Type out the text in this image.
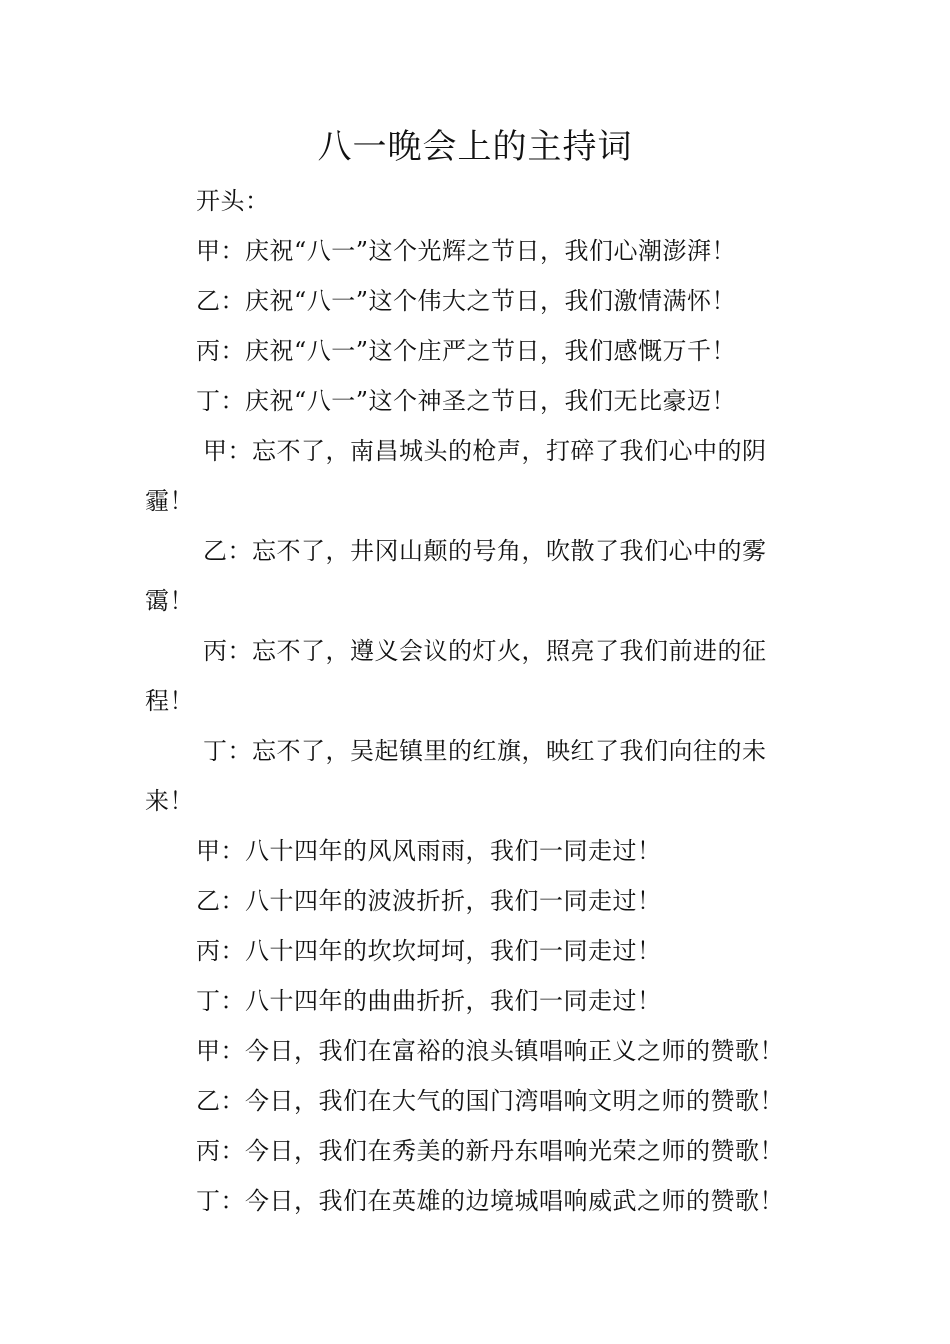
八一晚会上的主持词
开头：
甲：庆祝“八一”这个光辉之节日，我们心潮澎湃！
乙：庆祝“八一”这个伟大之节日，我们激情满怀！
丙：庆祝“八一”这个庄严之节日，我们感慨万千！
丁：庆祝“八一”这个神圣之节日，我们无比豪迈！
甲：忘不了，南昌城头的枪声，打碎了我们心中的阴
霾！
乙：忘不了，井冈山颠的号角，吹散了我们心中的雾
霭！
丙：忘不了，遵义会议的灯火，照亮了我们前进的征
程！
丁：忘不了，吴起镇里的红旗，映红了我们向往的未
来！
甲：八十四年的风风雨雨，我们一同走过！
乙：八十四年的波波折折，我们一同走过！
丙：八十四年的坎坎坷坷，我们一同走过！
丁：八十四年的曲曲折折，我们一同走过！
甲：今日，我们在富裕的浪头镇唱响正义之师的赞歌！
乙：今日，我们在大气的国门湾唱响文明之师的赞歌！
丙：今日，我们在秀美的新丹东唱响光荣之师的赞歌！
丁：今日，我们在英雄的边境城唱响威武之师的赞歌！
